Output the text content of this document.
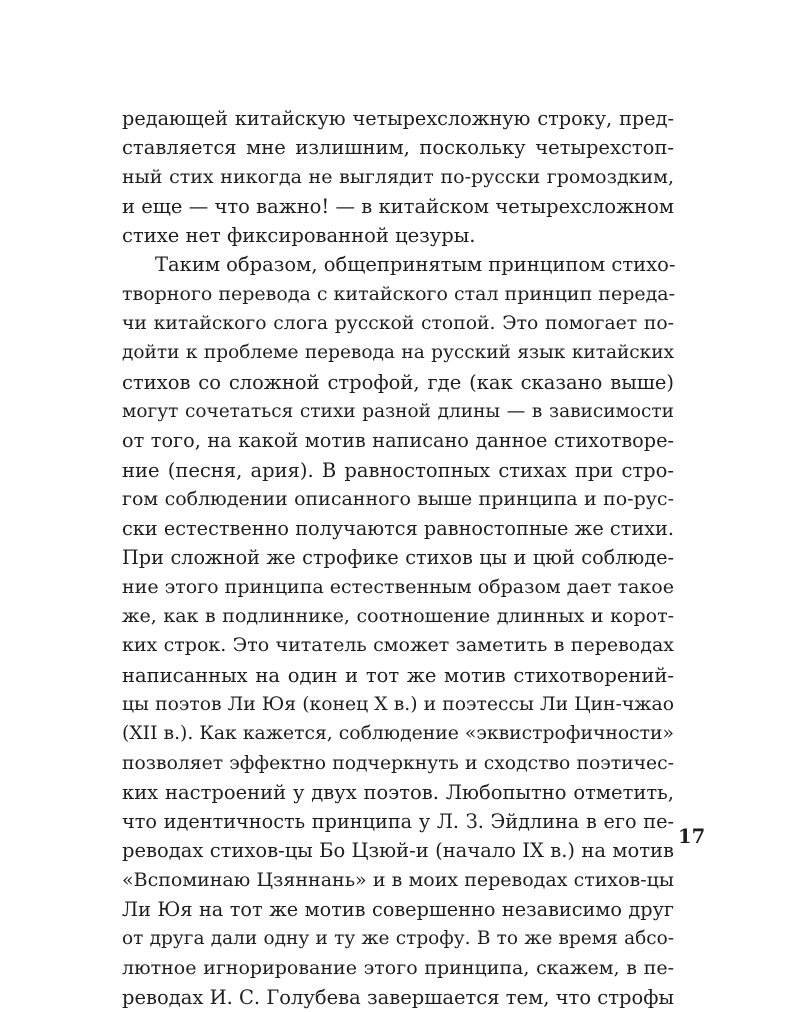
редающей китайскую четырехсложную строку, пред-
ставляется мне излишним, поскольку четырехстоп-
ный стих никогда не выглядит по-русски громоздким,
и еще — что важно! — в китайском четырехсложном
стихе нет фиксированной цезуры.
Таким образом, общепринятым принципом стихо-
творного перевода с китайского стал принцип переда-
чи китайского слога русской стопой. Это помогает по-
дойти к проблеме перевода на русский язык китайских
стихов со сложной строфой, где (как сказано выше)
могут сочетаться стихи разной длины — в зависимости
от того, на какой мотив написано данное стихотворе-
ние (песня, ария). В равностопных стихах при стро-
гом соблюдении описанного выше принципа и по-рус-
ски естественно получаются равностопные же стихи.
При сложной же строфике стихов цы и цюй соблюде-
ние этого принципа естественным образом дает такое
же, как в подлиннике, соотношение длинных и корот-
ких строк. Это читатель сможет заметить в переводах
написанных на один и тот же мотив стихотворений-
цы поэтов Ли Юя (конец X в.) и поэтессы Ли Цин-чжао
(XII в.). Как кажется, соблюдение «эквистрофичности»
позволяет эффектно подчеркнуть и сходство поэтичес-
ких настроений у двух поэтов. Любопытно отметить,
что идентичность принципа у Л. З. Эйдлина в его пе-
реводах стихов-цы Бо Цзюй-и (начало IX в.) на мотив
«Вспоминаю Цзяннань» и в моих переводах стихов-цы
Ли Юя на тот же мотив совершенно независимо друг
от друга дали одну и ту же строфу. В то же время абсо-
лютное игнорирование этого принципа, скажем, в пе-
реводах И. С. Голубева завершается тем, что строфы
17
